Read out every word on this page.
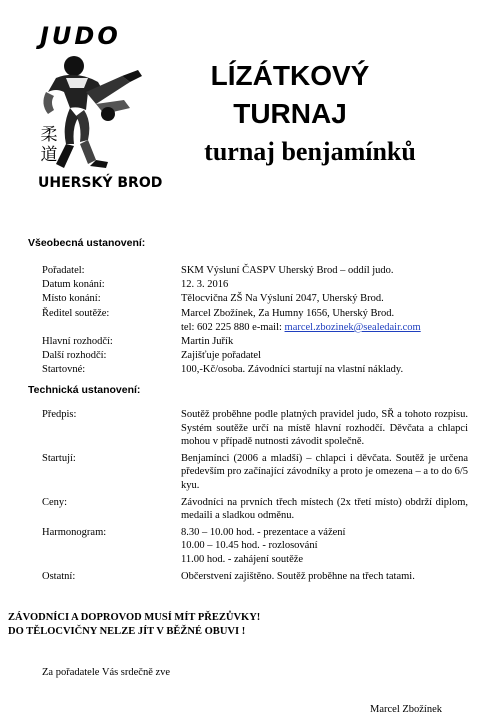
JUDO
柔
道
UHERSKÝ BROD
LÍZÁTKOVÝ
TURNAJ
turnaj benjamínků
Všeobecná ustanovení:
Pořadatel:	SKM Výsluní ČASPV Uherský Brod – oddíl judo.
Datum konání:	12. 3. 2016
Místo konání:	Tělocvična ZŠ Na Výsluní 2047, Uherský Brod.
Ředitel soutěže:	Marcel Zbožínek, Za Humny 1656, Uherský Brod.
tel: 602 225 880 e-mail: marcel.zbozinek@sealedair.com
Hlavní rozhodčí:	Martin Juřík
Další rozhodčí:	Zajišťuje pořadatel
Startovné:	100,-Kč/osoba. Závodníci startují na vlastní náklady.
Technická ustanovení:
Předpis:	Soutěž proběhne podle platných pravidel judo, SŘ a tohoto rozpisu. Systém soutěže určí na místě hlavní rozhodčí. Děvčata a chlapci mohou v případě nutnosti závodit společně.
Startují:	Benjamínci (2006 a mladší) – chlapci i děvčata. Soutěž je určena především pro začínající závodníky a proto je omezena – a to do 6/5 kyu.
Ceny:	Závodníci na prvních třech místech (2x třetí místo) obdrží diplom, medaili a sladkou odměnu.
Harmonogram:	8.30 – 10.00 hod. - prezentace a vážení
10.00 – 10.45 hod. - rozlosování
11.00 hod. - zahájení soutěže
Ostatní:	Občerstvení zajištěno. Soutěž proběhne na třech tatami.
ZÁVODNÍCI A DOPROVOD MUSÍ MÍT PŘEZŮVKY!
DO TĚLOCVIČNY NELZE JÍT V BĚŽNÉ OBUVI !
Za pořadatele Vás srdečně zve
Marcel Zbožínek
